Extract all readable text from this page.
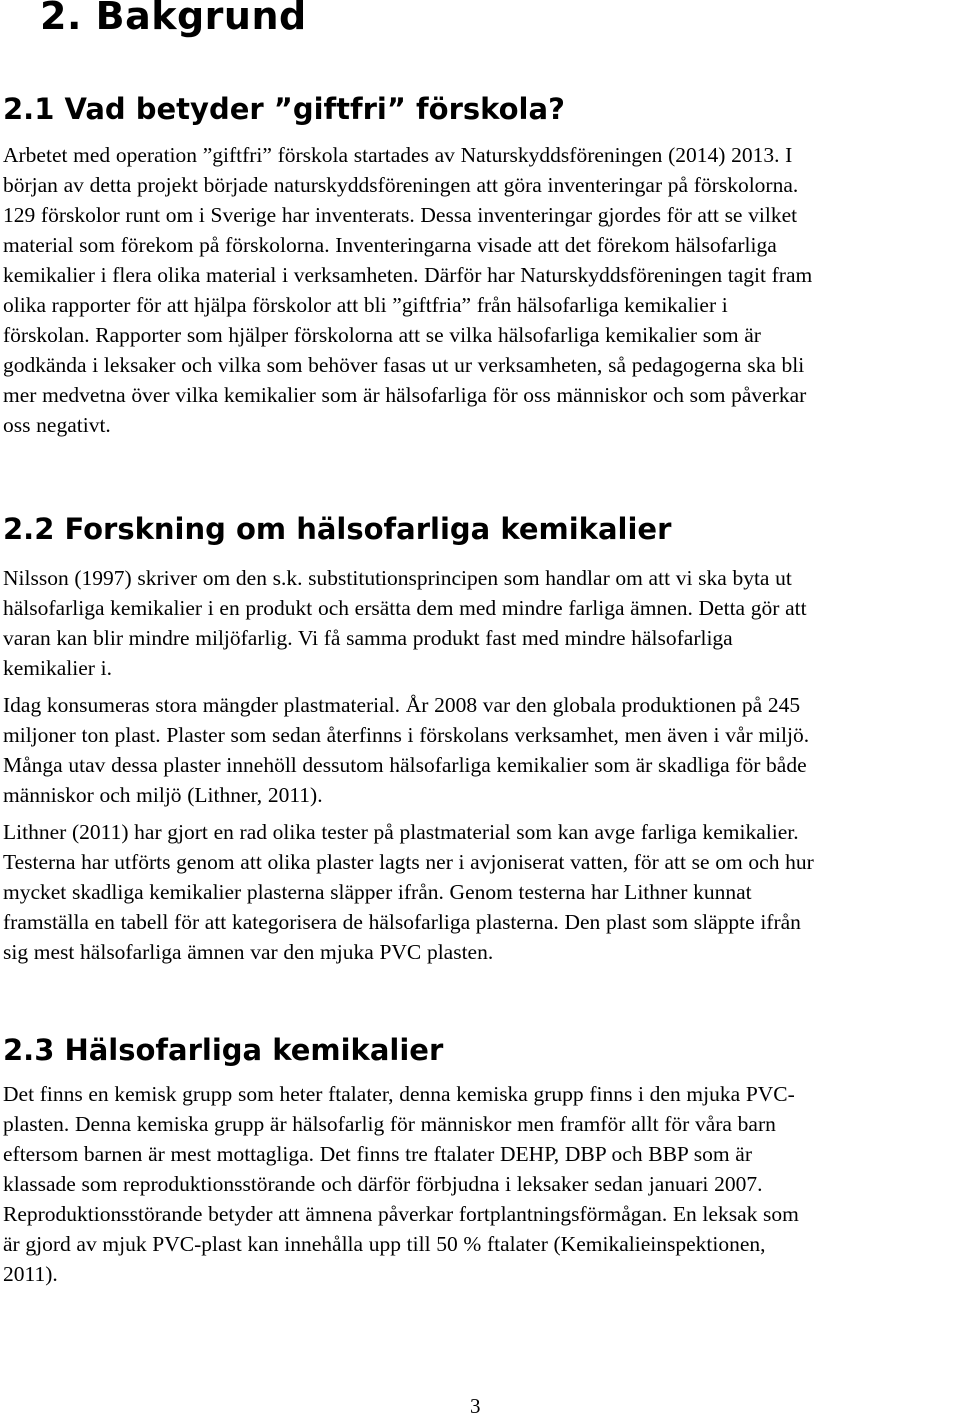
2. Bakgrund
2.1 Vad betyder ”giftfri” förskola?
Arbetet med operation ”giftfri” förskola startades av Naturskyddsföreningen (2014) 2013. I
början av detta projekt började naturskyddsföreningen att göra inventeringar på förskolorna.
129 förskolor runt om i Sverige har inventerats. Dessa inventeringar gjordes för att se vilket
material som förekom på förskolorna. Inventeringarna visade att det förekom hälsofarliga
kemikalier i flera olika material i verksamheten. Därför har Naturskyddsföreningen tagit fram
olika rapporter för att hjälpa förskolor att bli ”giftfria” från hälsofarliga kemikalier i
förskolan. Rapporter som hjälper förskolorna att se vilka hälsofarliga kemikalier som är
godkända i leksaker och vilka som behöver fasas ut ur verksamheten, så pedagogerna ska bli
mer medvetna över vilka kemikalier som är hälsofarliga för oss människor och som påverkar
oss negativt.
2.2 Forskning om hälsofarliga kemikalier
Nilsson (1997) skriver om den s.k. substitutionsprincipen som handlar om att vi ska byta ut
hälsofarliga kemikalier i en produkt och ersätta dem med mindre farliga ämnen. Detta gör att
varan kan blir mindre miljöfarlig. Vi få samma produkt fast med mindre hälsofarliga
kemikalier i.
Idag konsumeras stora mängder plastmaterial. År 2008 var den globala produktionen på 245
miljoner ton plast. Plaster som sedan återfinns i förskolans verksamhet, men även i vår miljö.
Många utav dessa plaster innehöll dessutom hälsofarliga kemikalier som är skadliga för både
människor och miljö (Lithner, 2011).
Lithner (2011) har gjort en rad olika tester på plastmaterial som kan avge farliga kemikalier.
Testerna har utförts genom att olika plaster lagts ner i avjoniserat vatten, för att se om och hur
mycket skadliga kemikalier plasterna släpper ifrån. Genom testerna har Lithner kunnat
framställa en tabell för att kategorisera de hälsofarliga plasterna. Den plast som släppte ifrån
sig mest hälsofarliga ämnen var den mjuka PVC plasten.
2.3 Hälsofarliga kemikalier
Det finns en kemisk grupp som heter ftalater, denna kemiska grupp finns i den mjuka PVC-
plasten. Denna kemiska grupp är hälsofarlig för människor men framför allt för våra barn
eftersom barnen är mest mottagliga. Det finns tre ftalater DEHP, DBP och BBP som är
klassade som reproduktionsstörande och därför förbjudna i leksaker sedan januari 2007.
Reproduktionsstörande betyder att ämnena påverkar fortplantningsförmågan. En leksak som
är gjord av mjuk PVC-plast kan innehålla upp till 50 % ftalater (Kemikalieinspektionen,
2011).
3
